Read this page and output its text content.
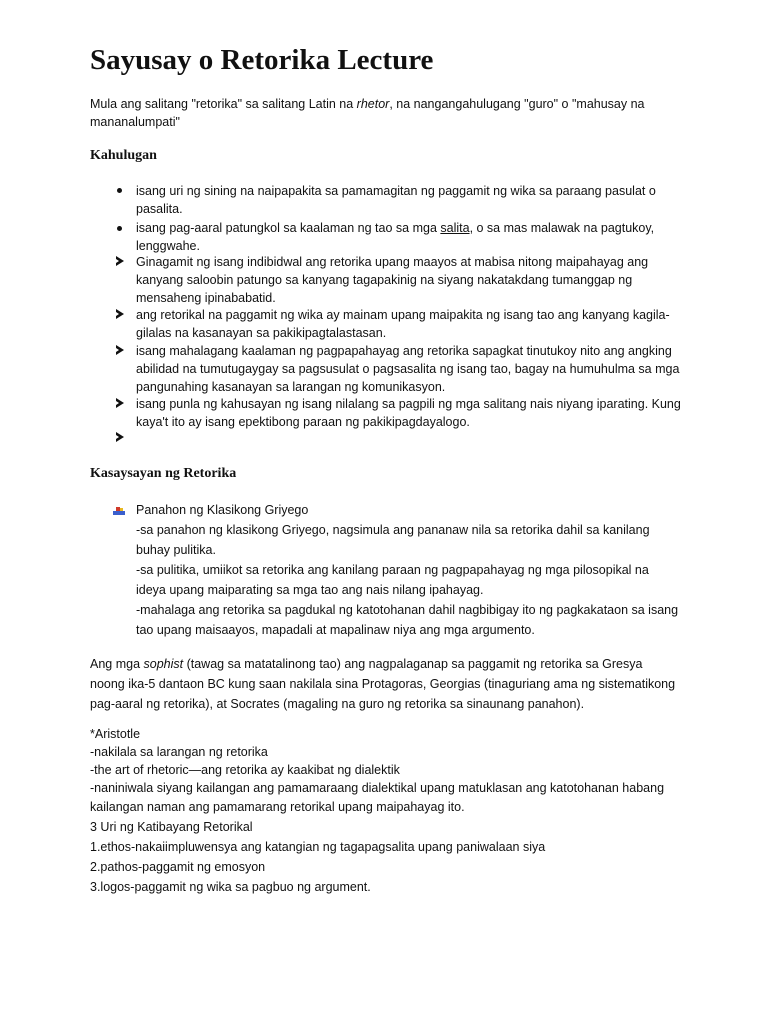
Sayusay o Retorika Lecture

Mula ang salitang "retorika" sa salitang Latin na rhetor, na nangangahulugang "guro" o "mahusay na mananalumpati"

Kahulugan
isang uri ng sining na naipapakita sa pamamagitan ng paggamit ng wika sa paraang pasulat o pasalita.
isang pag-aaral patungkol sa kaalaman ng tao sa mga salita, o sa mas malawak na pagtukoy, lenggwahe.
Ginagamit ng isang indibidwal ang retorika upang maayos at mabisa nitong maipahayag ang kanyang saloobin patungo sa kanyang tagapakinig na siyang nakatakdang tumanggap ng mensaheng ipinababatid.
ang retorikal na paggamit ng wika ay mainam upang maipakita ng isang tao ang kanyang kagila-gilalas na kasanayan sa pakikipagtalastasan.
isang mahalagang kaalaman ng pagpapahayag ang retorika sapagkat tinutukoy nito ang angking abilidad na tumutugaygay sa pagsusulat o pagsasalita ng isang tao, bagay na humuhulma sa mga pangunahing kasanayan sa larangan ng komunikasyon.
isang punla ng kahusayan ng isang nilalang sa pagpili ng mga salitang nais niyang iparating. Kung kaya't ito ay isang epektibong paraan ng pakikipagdayalogo.
Kasaysayan ng Retorika
Panahon ng Klasikong Griyego
-sa panahon ng klasikong Griyego, nagsimula ang pananaw nila sa retorika dahil sa kanilang
buhay pulitika.
-sa pulitika, umiikot sa retorika ang kanilang paraan ng pagpapahayag ng mga pilosopikal na
ideya upang maiparating sa mga tao ang nais nilang ipahayag.
-mahalaga ang retorika sa pagdukal ng katotohanan dahil nagbibigay ito ng pagkakataon sa isang
tao upang maisaayos, mapadali at mapalinaw niya ang mga argumento.
Ang mga sophist (tawag sa matatalinong tao) ang nagpalaganap sa paggamit ng retorika sa Gresya noong ika-5 dantaon BC kung saan nakilala sina Protagoras, Georgias (tinaguriang ama ng sistematikong pag-aaral ng retorika), at Socrates (magaling na guro ng retorika sa sinaunang panahon).
*Aristotle
-nakilala sa larangan ng retorika
-the art of rhetoric—ang retorika ay kaakibat ng dialektik
-naniniwala siyang kailangan ang pamamaraang dialektikal upang matuklasan ang katotohanan habang
kailangan naman ang pamamarang retorikal upang maipahayag ito.
3 Uri ng Katibayang Retorikal
1.ethos-nakaiimpluwensya ang katangian ng tagapagsalita upang paniwalaan siya
2.pathos-paggamit ng emosyon
3.logos-paggamit ng wika sa pagbuo ng argument.
